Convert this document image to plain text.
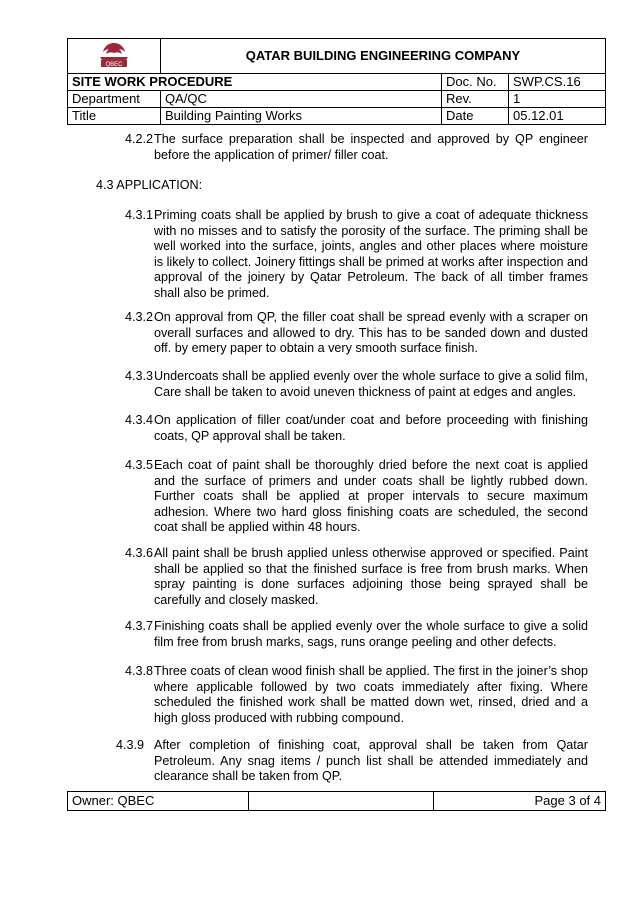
QBEC	QATAR BUILDING ENGINEERING COMPANY		
SITE WORK PROCEDURE		Doc. No.	SWP.CS.16
Department	QA/QC	Rev.	1
Title	Building Painting Works	Date	05.12.01
4.2.2 The surface preparation shall be inspected and approved by QP engineer before the application of primer/ filler coat.
4.3 APPLICATION:
4.3.1 Priming coats shall be applied by brush to give a coat of adequate thickness with no misses and to satisfy the porosity of the surface. The priming shall be well worked into the surface, joints, angles and other places where moisture is likely to collect. Joinery fittings shall be primed at works after inspection and approval of the joinery by Qatar Petroleum. The back of all timber frames shall also be primed.
4.3.2 On approval from QP, the filler coat shall be spread evenly with a scraper on overall surfaces and allowed to dry. This has to be sanded down and dusted off. by emery paper to obtain a very smooth surface finish.
4.3.3 Undercoats shall be applied evenly over the whole surface to give a solid film, Care shall be taken to avoid uneven thickness of paint at edges and angles.
4.3.4 On application of filler coat/under coat and before proceeding with finishing coats, QP approval shall be taken.
4.3.5 Each coat of paint shall be thoroughly dried before the next coat is applied and the surface of primers and under coats shall be lightly rubbed down. Further coats shall be applied at proper intervals to secure maximum adhesion. Where two hard gloss finishing coats are scheduled, the second coat shall be applied within 48 hours.
4.3.6 All paint shall be brush applied unless otherwise approved or specified. Paint shall be applied so that the finished surface is free from brush marks. When spray painting is done surfaces adjoining those being sprayed shall be carefully and closely masked.
4.3.7 Finishing coats shall be applied evenly over the whole surface to give a solid film free from brush marks, sags, runs orange peeling and other defects.
4.3.8 Three coats of clean wood finish shall be applied. The first in the joiner’s shop where applicable followed by two coats immediately after fixing. Where scheduled the finished work shall be matted down wet, rinsed, dried and a high gloss produced with rubbing compound.
4.3.9 After completion of finishing coat, approval shall be taken from Qatar Petroleum. Any snag items / punch list shall be attended immediately and clearance shall be taken from QP.
Owner: QBEC		Page 3 of 4
